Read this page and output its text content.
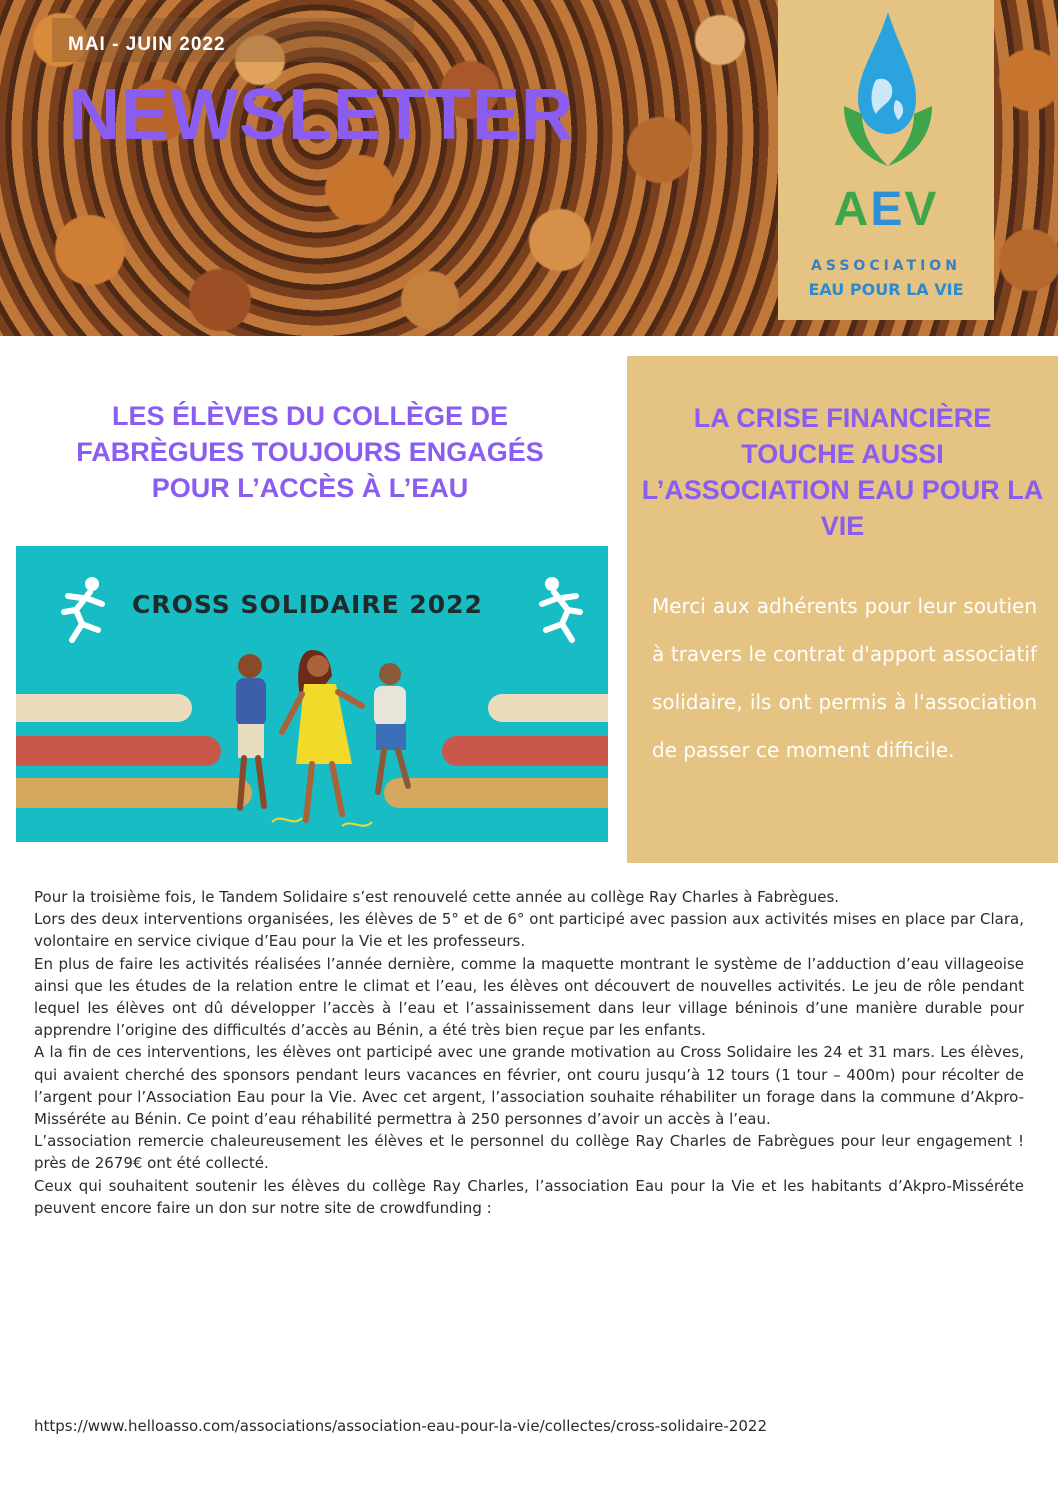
MAI - JUIN 2022
NEWSLETTER
AEV
ASSOCIATION
EAU POUR LA VIE
LES ÉLÈVES DU COLLÈGE DE FABRÈGUES TOUJOURS ENGAGÉS POUR L’ACCÈS À L’EAU
CROSS SOLIDAIRE 2022
LA CRISE FINANCIÈRE TOUCHE AUSSI L’ASSOCIATION EAU POUR LA VIE

Merci aux adhérents pour leur soutien à travers le contrat d'apport associatif solidaire, ils ont permis à l'association de passer ce moment difficile.

Pour la troisième fois, le Tandem Solidaire s’est renouvelé cette année au collège Ray Charles à Fabrègues.

Lors des deux interventions organisées, les élèves de 5° et de 6° ont participé avec passion aux activités mises en place par Clara, volontaire en service civique d’Eau pour la Vie et les professeurs.

En plus de faire les activités réalisées l’année dernière, comme la maquette montrant le système de l’adduction d’eau villageoise ainsi que les études de la relation entre le climat et l’eau, les élèves ont découvert de nouvelles activités. Le jeu de rôle pendant lequel les élèves ont dû développer l’accès à l’eau et l’assainissement dans leur village béninois d’une manière durable pour apprendre l’origine des difficultés d’accès au Bénin, a été très bien reçue par les enfants.

A la fin de ces interventions, les élèves ont participé avec une grande motivation au Cross Solidaire les 24 et 31 mars. Les élèves, qui avaient cherché des sponsors pendant leurs vacances en février, ont couru jusqu’à 12 tours (1 tour – 400m) pour récolter de l’argent pour l’Association Eau pour la Vie. Avec cet argent, l’association souhaite réhabiliter un forage dans la commune d’Akpro-Misséréte au Bénin. Ce point d’eau réhabilité permettra à 250 personnes d’avoir un accès à l’eau.

L’association remercie chaleureusement les élèves et le personnel du collège Ray Charles de Fabrègues pour leur engagement ! près de 2679€ ont été collecté.

Ceux qui souhaitent soutenir les élèves du collège Ray Charles, l’association Eau pour la Vie et les habitants d’Akpro-Misséréte peuvent encore faire un don sur notre site de crowdfunding :

https://www.helloasso.com/associations/association-eau-pour-la-vie/collectes/cross-solidaire-2022
